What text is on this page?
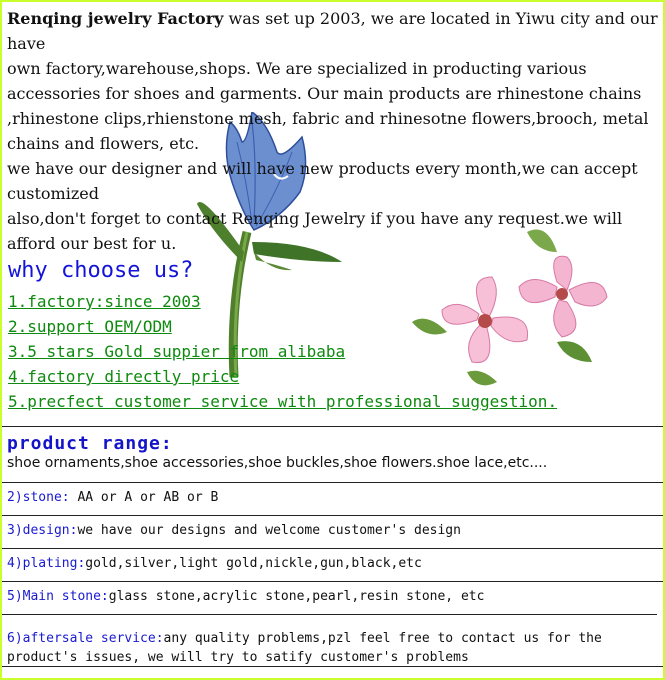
Renqing jewelry Factory was set up 2003, we are located in Yiwu city and our have

own factory,warehouse,shops. We are specialized in producting various accessories for shoes and garments. Our main products are rhinestone chains ,rhinestone clips,rhienstone mesh, fabric and rhinesotne flowers,brooch, metal chains and flowers, etc.

we have our designer and will have new products every month,we can accept customized

also,don't forget to contact Renqing Jewelry if you have any request.we will afford our best for u.

why choose us?
1.factory:since 2003
2.support OEM/ODM
3.5 stars Gold suppier from alibaba
4.factory directly price
5.precfect customer service with professional suggestion.
product range:
shoe ornaments,shoe accessories,shoe buckles,shoe flowers.shoe lace,etc....
2)stone: AA or A or AB or B
3)design:we have our designs and welcome customer's design
4)plating:gold,silver,light gold,nickle,gun,black,etc
5)Main stone:glass stone,acrylic stone,pearl,resin stone, etc
6)aftersale service:any quality problems,pzl feel free to contact us for the product's issues, we will try to satify customer's problems
